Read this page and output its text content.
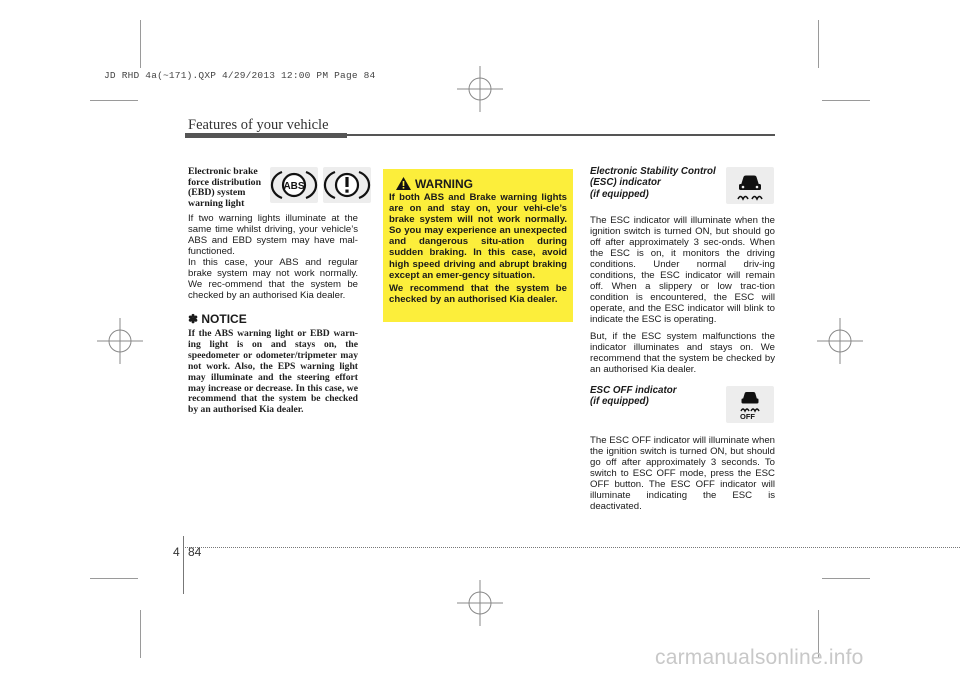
JD RHD 4a(~171).QXP 4/29/2013 12:00 PM Page 84
Features of your vehicle
Electronic brake
force distribution
(EBD) system
warning light
ABS

If two warning lights illuminate at the same time whilst driving, your vehicle’s ABS and EBD system may have mal-functioned.

In this case, your ABS and regular brake system may not work normally. We rec-ommend that the system be checked by an authorised Kia dealer.

✽ NOTICE
If the ABS warning light or EBD warn-ing light is on and stays on, the speedometer or odometer/tripmeter may not work. Also, the EPS warning light may illuminate and the steering effort may increase or decrease. In this case, we recommend that the system be checked by an authorised Kia dealer.
WARNING

If both ABS and Brake warning lights are on and stay on, your vehi-cle’s brake system will not work normally. So you may experience an unexpected and dangerous situ-ation during sudden braking. In this case, avoid high speed driving and abrupt braking except an emer-gency situation.

We recommend that the system be checked by an authorised Kia dealer.

Electronic Stability Control
(ESC) indicator
(if equipped)

The ESC indicator will illuminate when the ignition switch is turned ON, but should go off after approximately 3 sec-onds. When the ESC is on, it monitors the driving conditions. Under normal driv-ing conditions, the ESC indicator will remain off. When a slippery or low trac-tion condition is encountered, the ESC will operate, and the ESC indicator will blink to indicate the ESC is operating.

But, if the ESC system malfunctions the indicator illuminates and stays on. We recommend that the system be checked by an authorised Kia dealer.

ESC OFF indicator
(if equipped)
OFF

The ESC OFF indicator will illuminate when the ignition switch is turned ON, but should go off after approximately 3 seconds. To switch to ESC OFF mode, press the ESC OFF button. The ESC OFF indicator will illuminate indicating the ESC is deactivated.

4 84
carmanualsonline.info
